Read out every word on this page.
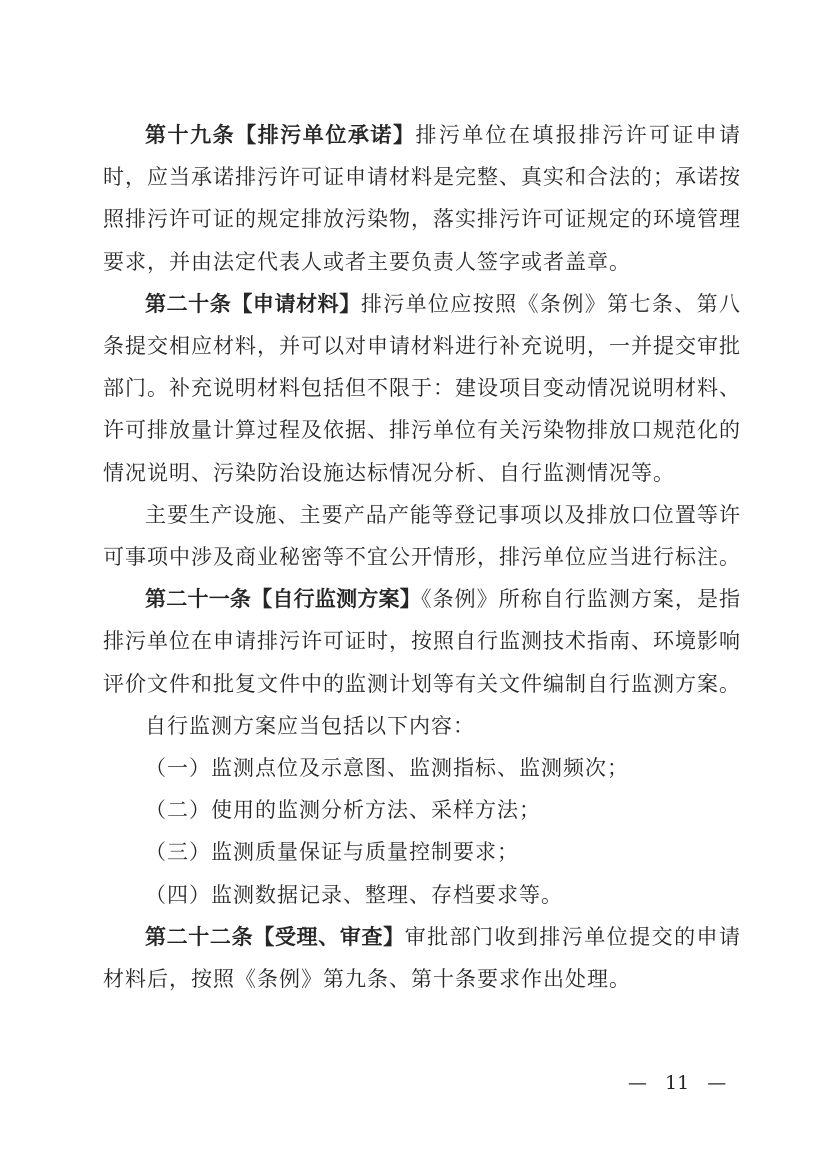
第十九条【排污单位承诺】排污单位在填报排污许可证申请时，应当承诺排污许可证申请材料是完整、真实和合法的；承诺按照排污许可证的规定排放污染物，落实排污许可证规定的环境管理要求，并由法定代表人或者主要负责人签字或者盖章。

第二十条【申请材料】排污单位应按照《条例》第七条、第八条提交相应材料，并可以对申请材料进行补充说明，一并提交审批部门。补充说明材料包括但不限于：建设项目变动情况说明材料、许可排放量计算过程及依据、排污单位有关污染物排放口规范化的情况说明、污染防治设施达标情况分析、自行监测情况等。

主要生产设施、主要产品产能等登记事项以及排放口位置等许可事项中涉及商业秘密等不宜公开情形，排污单位应当进行标注。

第二十一条【自行监测方案】《条例》所称自行监测方案，是指排污单位在申请排污许可证时，按照自行监测技术指南、环境影响评价文件和批复文件中的监测计划等有关文件编制自行监测方案。

自行监测方案应当包括以下内容：

（一）监测点位及示意图、监测指标、监测频次；

（二）使用的监测分析方法、采样方法；

（三）监测质量保证与质量控制要求；

（四）监测数据记录、整理、存档要求等。

第二十二条【受理、审查】审批部门收到排污单位提交的申请材料后，按照《条例》第九条、第十条要求作出处理。

— 11 —
